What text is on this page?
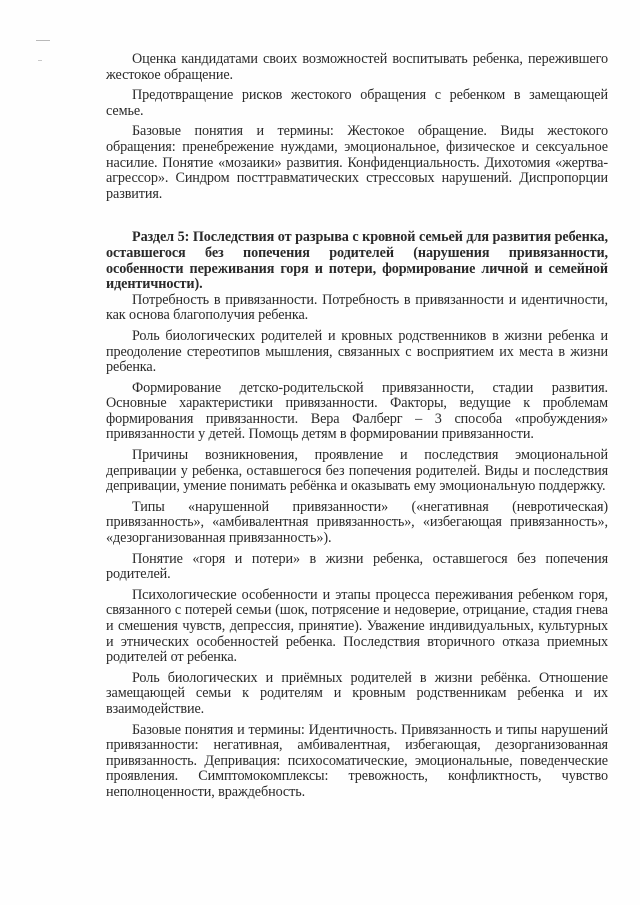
Оценка кандидатами своих возможностей воспитывать ребенка, пережившего жестокое обращение.

Предотвращение рисков жестокого обращения с ребенком в замещающей семье.

Базовые понятия и термины: Жестокое обращение. Виды жестокого обращения: пренебрежение нуждами, эмоциональное, физическое и сексуальное насилие. Понятие «мозаики» развития. Конфиденциальность. Дихотомия «жертва-агрессор». Синдром посттравматических стрессовых нарушений. Диспропорции развития.

Раздел 5: Последствия от разрыва с кровной семьей для развития ребенка, оставшегося без попечения родителей (нарушения привязанности, особенности переживания горя и потери, формирование личной и семейной идентичности).

Потребность в привязанности. Потребность в привязанности и идентичности, как основа благополучия ребенка.

Роль биологических родителей и кровных родственников в жизни ребенка и преодоление стереотипов мышления, связанных с восприятием их места в жизни ребенка.

Формирование детско-родительской привязанности, стадии развития. Основные характеристики привязанности. Факторы, ведущие к проблемам формирования привязанности. Вера Фалберг – 3 способа «пробуждения» привязанности у детей. Помощь детям в формировании привязанности.

Причины возникновения, проявление и последствия эмоциональной депривации у ребенка, оставшегося без попечения родителей. Виды и последствия депривации, умение понимать ребёнка и оказывать ему эмоциональную поддержку.

Типы «нарушенной привязанности» («негативная (невротическая) привязанность», «амбивалентная привязанность», «избегающая привязанность», «дезорганизованная привязанность»).

Понятие «горя и потери» в жизни ребенка, оставшегося без попечения родителей.

Психологические особенности и этапы процесса переживания ребенком горя, связанного с потерей семьи (шок, потрясение и недоверие, отрицание, стадия гнева и смешения чувств, депрессия, принятие). Уважение индивидуальных, культурных и этнических особенностей ребенка. Последствия вторичного отказа приемных родителей от ребенка.

Роль биологических и приёмных родителей в жизни ребёнка. Отношение замещающей семьи к родителям и кровным родственникам ребенка и их взаимодействие.

Базовые понятия и термины: Идентичность. Привязанность и типы нарушений привязанности: негативная, амбивалентная, избегающая, дезорганизованная привязанность. Депривация: психосоматические, эмоциональные, поведенческие проявления. Симптомокомплексы: тревожность, конфликтность, чувство неполноценности, враждебность.
